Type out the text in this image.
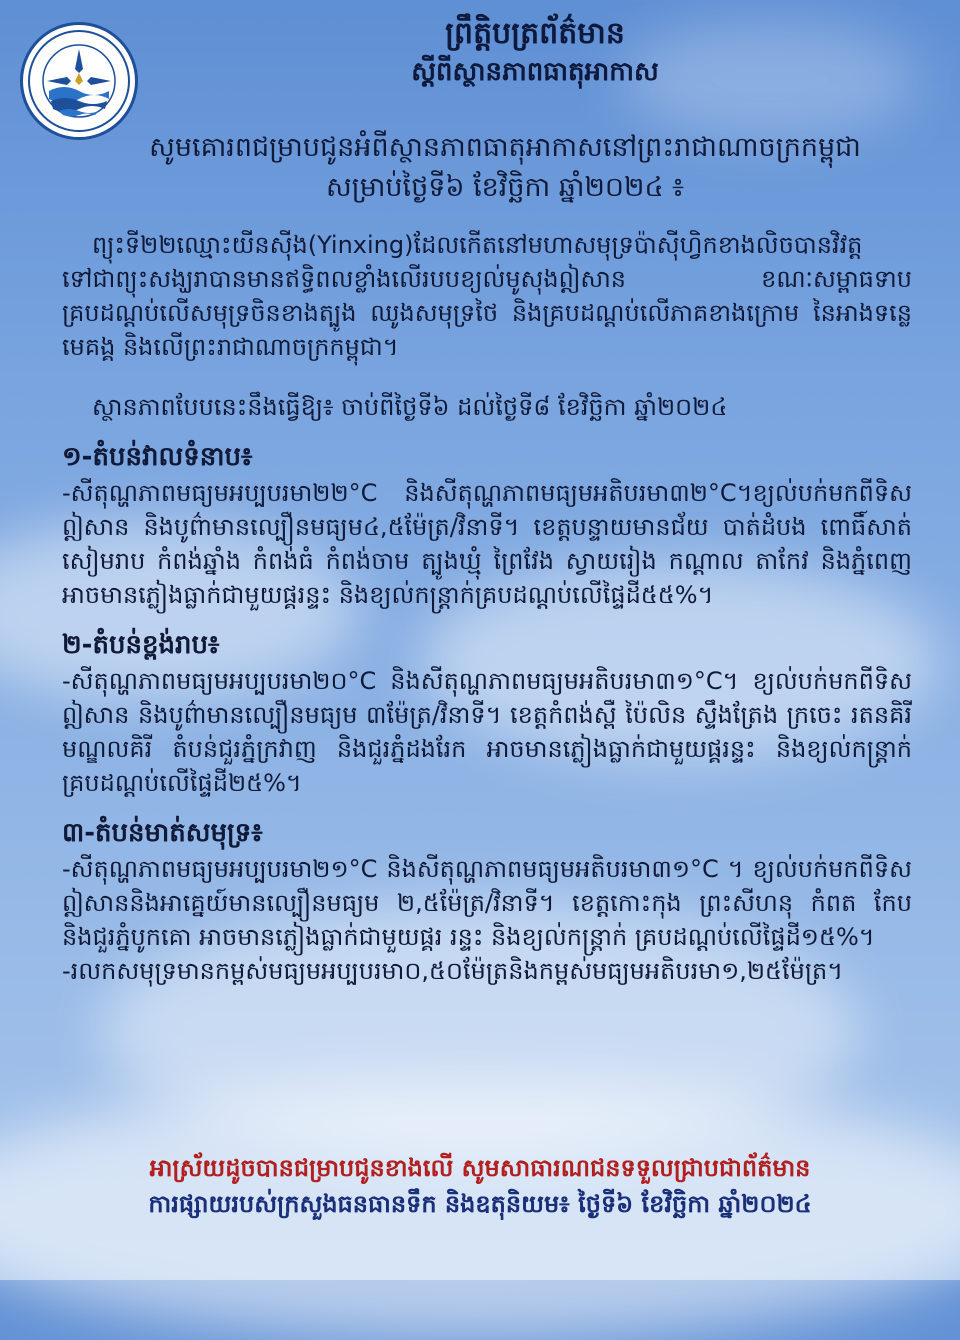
ព្រឹត្តិបត្រព័ត៌មាន
ស្តីពីស្ថានភាពធាតុអាកាស
សូមគោរពជម្រាបជូនអំពីស្ថានភាពធាតុអាកាសនៅព្រះរាជាណាចក្រកម្ពុជា
សម្រាប់ថ្ងៃទី៦ ខែវិច្ឆិកា ឆ្នាំ២០២៤ ៖

ព្យុះទី២២ឈ្មោះយីនស៊ីង(Yinxing)ដែលកើតនៅមហាសមុទ្រប៉ាស៊ីហ្វិកខាងលិចបានវិវត្តទៅជាព្យុះសង្ឃរាបានមានឥទ្ធិពលខ្លាំងលើរបបខ្យល់មូសុងឦសាន ខណៈសម្ពាធទាបគ្របដណ្តប់លើសមុទ្រចិនខាងត្បូង ឈូងសមុទ្រថៃ និងគ្របដណ្តប់លើភាគខាងក្រោម នៃអាងទន្លេមេគង្គ និងលើព្រះរាជាណាចក្រកម្ពុជា។

ស្ថានភាពបែបនេះនឹងធ្វើឱ្យ៖ ចាប់ពីថ្ងៃទី៦ ដល់ថ្ងៃទី៨ ខែវិច្ឆិកា ឆ្នាំ២០២៤

១-តំបន់វាលទំនាប៖

-សីតុណ្ហភាពមធ្យមអប្បបរមា២២°C និងសីតុណ្ហភាពមធ្យមអតិបរមា៣២°C។ខ្យល់បក់មកពីទិសឦសាន និងបូព៌ាមានល្បឿនមធ្យម៤,៥ម៉ែត្រ/វិនាទី។ ខេត្តបន្ទាយមានជ័យ បាត់ដំបង ពោធិ៍សាត់ សៀមរាប កំពង់ឆ្នាំង កំពង់ធំ កំពង់ចាម ត្បូងឃ្មុំ ព្រៃវែង ស្វាយរៀង កណ្តាល តាកែវ និងភ្នំពេញ អាចមានភ្លៀងធ្លាក់ជាមួយផ្គរន្ទះ និងខ្យល់កន្ត្រាក់គ្របដណ្តប់លើផ្ទៃដី៥៥%។

២-តំបន់ខ្ពង់រាប៖

-សីតុណ្ហភាពមធ្យមអប្បបរមា២០°C និងសីតុណ្ហភាពមធ្យមអតិបរមា៣១°C។ ខ្យល់បក់មកពីទិសឦសាន និងបូព៌ាមានល្បឿនមធ្យម ៣ម៉ែត្រ/វិនាទី។ ខេត្តកំពង់ស្ពឺ ប៉ៃលិន ស្ទឹងត្រែង ក្រចេះ រតនគិរី មណ្ឌលគិរី តំបន់ជួរភ្នំក្រវាញ និងជួរភ្នំដងរែក អាចមានភ្លៀងធ្លាក់ជាមួយផ្គរន្ទះ និងខ្យល់កន្ត្រាក់គ្របដណ្តប់លើផ្ទៃដី២៥%។

៣-តំបន់មាត់សមុទ្រ៖

-សីតុណ្ហភាពមធ្យមអប្បបរមា២១°C និងសីតុណ្ហភាពមធ្យមអតិបរមា៣១°C ។ ខ្យល់បក់មកពីទិសឦសាននិងអាគ្នេយ៍មានល្បឿនមធ្យម ២,៥ម៉ែត្រ/វិនាទី។ ខេត្តកោះកុង ព្រះសីហនុ កំពត កែប និងជួរភ្នំបូកគោ អាចមានភ្លៀងធ្លាក់ជាមួយផ្គរ រន្ទះ និងខ្យល់កន្ត្រាក់ គ្របដណ្តប់លើផ្ទៃដី១៥%។

-រលកសមុទ្រមានកម្ពស់មធ្យមអប្បបរមា០,៥០ម៉ែត្រនិងកម្ពស់មធ្យមអតិបរមា១,២៥ម៉ែត្រ។

អាស្រ័យដូចបានជម្រាបជូនខាងលើ សូមសាធារណជនទទួលជ្រាបជាព័ត៌មាន
ការផ្សាយរបស់ក្រសួងធនធានទឹក និងឧតុនិយម៖ ថ្ងៃទី៦ ខែវិច្ឆិកា ឆ្នាំ២០២៤
